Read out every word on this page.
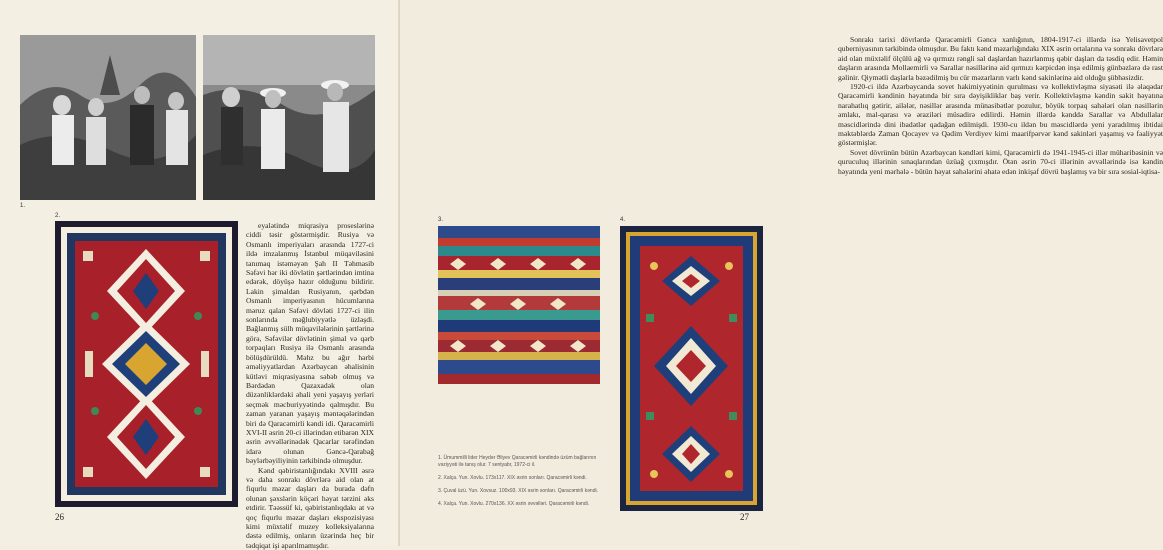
1.
2.

eyalətində miqrasiya proseslərinə ciddi təsir göstərmişdir. Rusiya və Osmanlı imperiyaları arasında 1727-ci ildə imzalanmış İstanbul müqaviləsini tanımaq istəməyən Şah II Təhmasib Səfəvi hər iki dövlətin şərtlərindən imtina edərək, döyüşə hazır olduğunu bildirir. Lakin şimaldan Rusiyanın, qərbdən Osmanlı imperiyasının hücumlarına məruz qalan Səfəvi dövləti 1727-ci ilin sonlarında məğlubiyyətlə üzləşdi. Bağlanmış sülh müqavilələrinin şərtlərinə görə, Səfəvilər dövlətinin şimal və qərb torpaqları Rusiya ilə Osmanlı arasında bölüşdürüldü. Məhz bu ağır hərbi əməliyyatlardan Azərbaycan əhalisinin kütləvi miqrasiyasına səbəb olmuş və Bərdədən Qazaxadək olan düzənliklərdəki əhali yeni yaşayış yerləri seçmək məcburiyyətində qalmışdır. Bu zaman yaranan yaşayış məntəqələrindən biri də Qaracəmirli kəndi idi. Qaracəmirli XVI-II əsrin 20-ci illərindən etibarən XIX əsrin əvvəllərinədək Qacarlar tərəfindən idarə olunan Gəncə-Qarabağ bəylərbəyiliyinin tərkibində olmuşdur.

Kənd qəbiristanlığındakı XVIII əsrə və daha sonrakı dövrlərə aid olan at fiqurlu məzar daşları da burada dəfn olunan şəxslərin köçəri həyat tərzini əks etdirir. Təəssüf ki, qəbiristanlıqdakı at və qoç fiqurlu məzar daşları ekspozisiyası kimi müxtəlif muzey kolleksiyalarına dəstə edilmiş, onların üzərində heç bir tədqiqat işi aparılmamışdır.

26

Sonrakı tarixi dövrlərdə Qaracəmirli Gəncə xanlığının, 1804-1917-ci illərdə isə Yelisavetpol quberniyasının tərkibində olmuşdur. Bu faktı kənd məzarlığındakı XIX əsrin ortalarına və sonrakı dövrlərə aid olan müxtəlif ölçülü ağ və qırmızı rəngli sal daşlardan hazırlanmış qəbir daşları da təsdiq edir. Həmin daşların arasında Mollaemirli və Sarallar nəsillərinə aid qırmızı kərpicdən inşa edilmiş günbəzlərə də rast gəlinir. Qiymətli daşlarla bəzədilmiş bu cür məzarların varlı kənd sakinlərinə aid olduğu şübhəsizdir.

1920-ci ildə Azərbaycanda sovet hakimiyyətinin qurulması və kollektivləşmə siyasəti ilə əlaqədar Qaracəmirli kəndinin həyatında bir sıra dəyişikliklər baş verir. Kollektivləşmə kəndin sakit həyatına narahatlıq gətirir, ailələr, nəsillər arasında münasibətlər pozulur, böyük torpaq sahələri olan nəsillərin əmlakı, mal-qarası və əraziləri müsadirə edilirdi. Həmin illərdə kənddə Sarallar və Abdullalar məscidlərində dini ibadətlər qadağan edilmişdi. 1930-cu ildən bu məscidlərdə yeni yaradılmış ibtidai məktəblərdə Zaman Qocayev və Qədim Verdiyev kimi maarifpərvər kənd sakinləri yaşamış və fəaliyyət göstərmişlər.

Sovet dövrünün bütün Azərbaycan kəndləri kimi, Qaracəmirli də 1941-1945-ci illər müharibəsinin və quruculuq illərinin sınaqlarından üzüağ çıxmışdır. Ötən əsrin 70-ci illərinin əvvəllərində isə kəndin həyatında yeni mərhələ - bütün həyat sahələrini əhatə edən inkişaf dövrü başlamış və bir sıra sosial-iqtisa-

3.	4.
1. Ümummilli lider Heydər Əliyev Qaracəmirli kəndində üzüm bağlarının vəziyyəti ilə tanış olur. 7 sentyabr, 1972-ci il.
2. Xalça. Yun. Xovlu. 173x117. XIX əsrin sonları. Qaracəmirli kəndi.
3. Çuval üzü. Yun. Xovsuz. 100x93. XIX əsrin sonları. Qaracəmirli kəndi.
4. Xalça. Yun. Xovlu. 270x136. XX əsrin əvvəlləri. Qaracəmirli kəndi.
27
